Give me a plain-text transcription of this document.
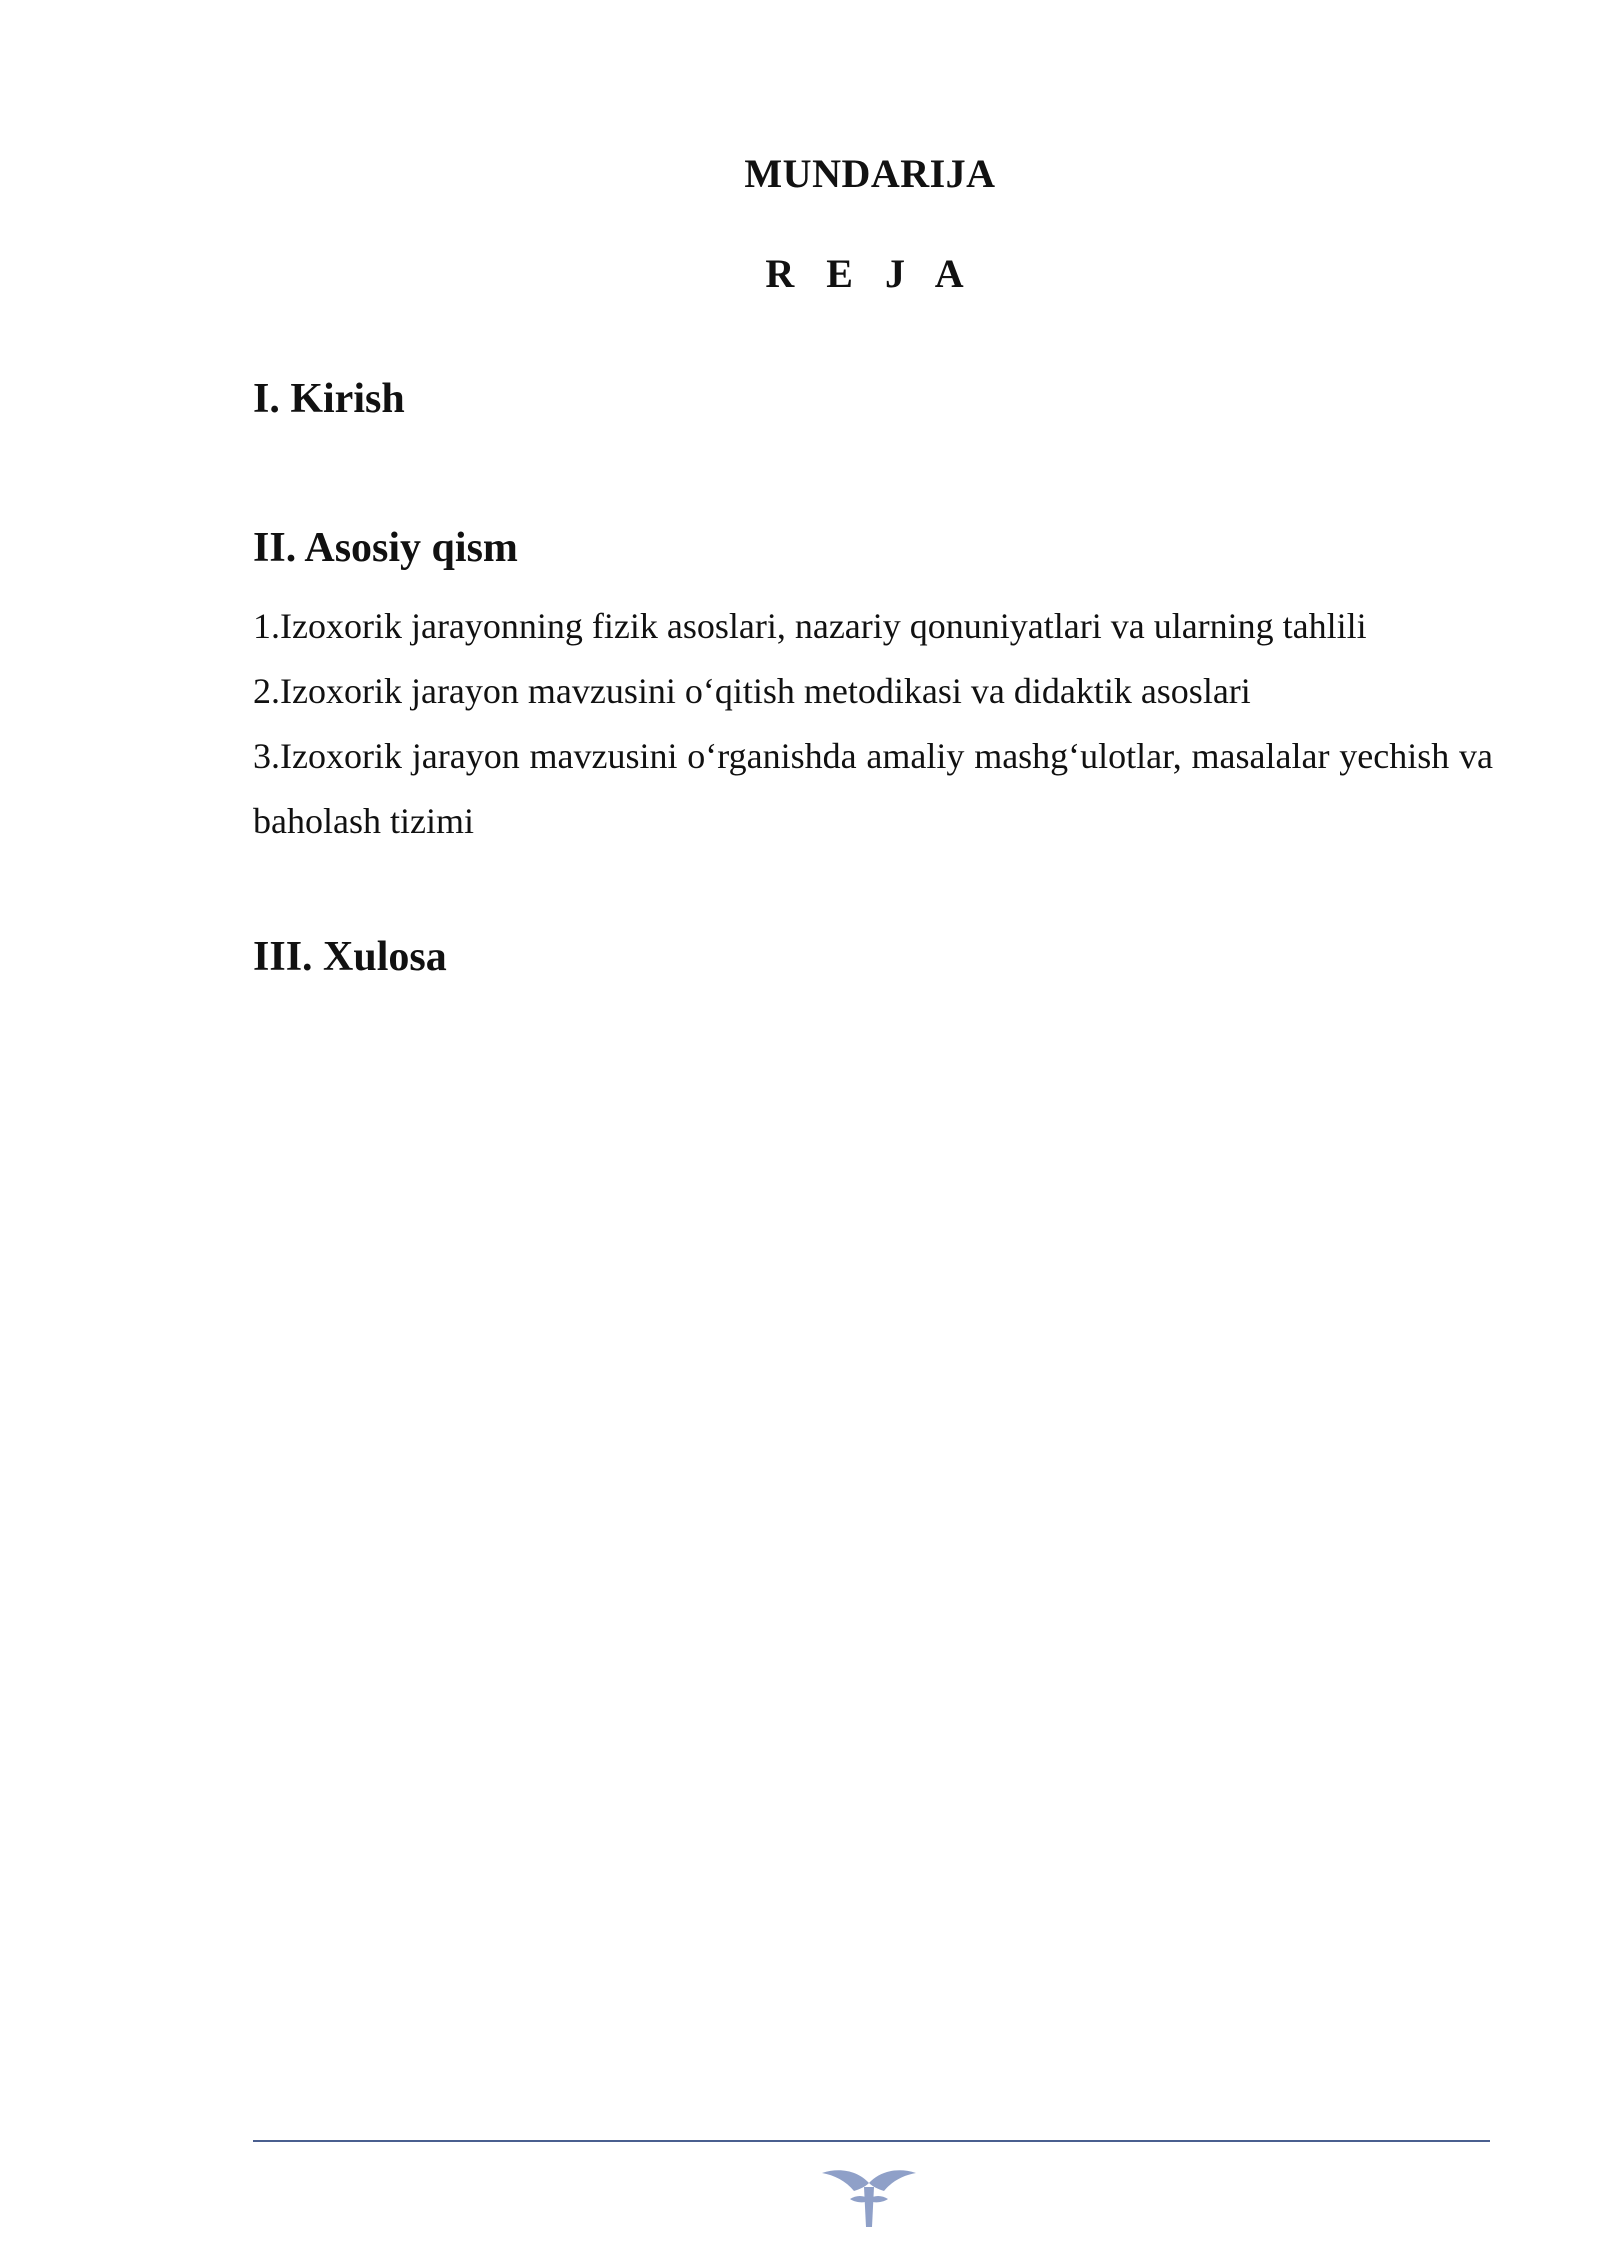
MUNDARIJA
R E J A
I. Kirish
II. Asosiy qism
1.Izoxorik jarayonning fizik asoslari, nazariy qonuniyatlari va ularning tahlili
2.Izoxorik jarayon mavzusini o‘qitish metodikasi va didaktik asoslari
3.Izoxorik jarayon mavzusini o‘rganishda amaliy mashg‘ulotlar, masalalar yechish va baholash tizimi
III. Xulosa
